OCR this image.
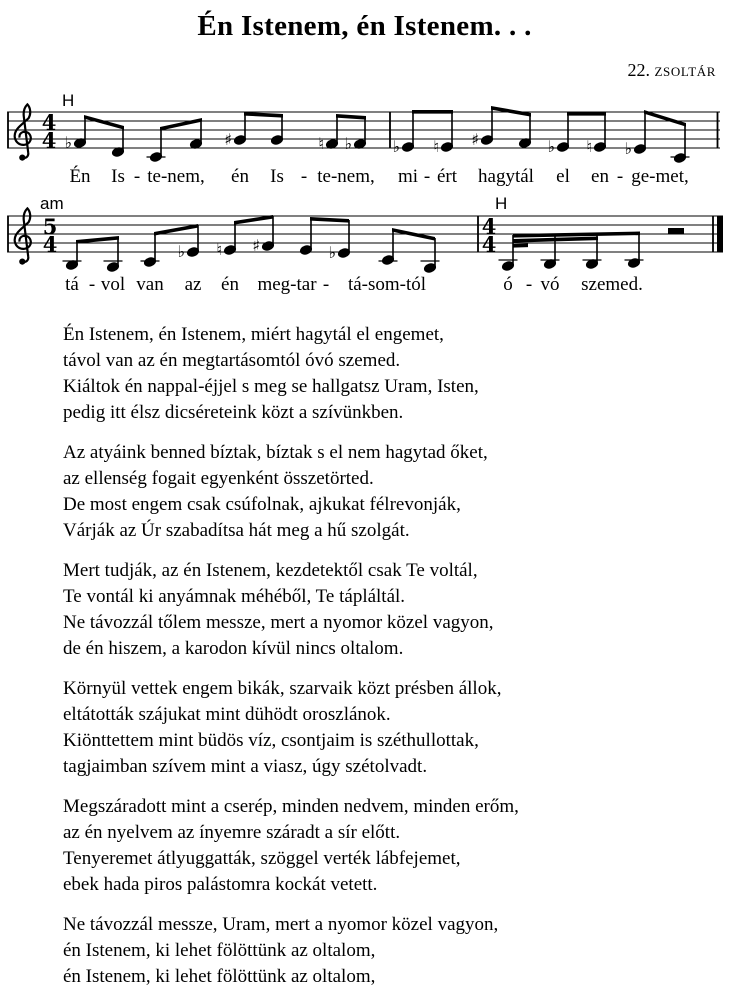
Én Istenem, én Istenem. . .
22. zsoltár
4
4
H
♭	♯	♮ ♭	♭ ♮ ♯	♭ ♮ ♭
Én Is - te-nem, én Is - te-nem, mi - ért hagytál el en - ge-met,
5
4
4
4
am	H
♭ ♮ ♯	♭
tá - vol van az én meg-tar - tá-som-tól	ó - vó szemed.

Én Istenem, én Istenem, miért hagytál el engemet,
távol van az én megtartásomtól óvó szemed.
Kiáltok én nappal-éjjel s meg se hallgatsz Uram, Isten,
pedig itt élsz dicséreteink közt a szívünkben.

Az atyáink benned bíztak, bíztak s el nem hagytad őket,
az ellenség fogait egyenként összetörted.
De most engem csak csúfolnak, ajkukat félrevonják,
Várják az Úr szabadítsa hát meg a hű szolgát.

Mert tudják, az én Istenem, kezdetektől csak Te voltál,
Te vontál ki anyámnak méhéből, Te tápláltál.
Ne távozzál tőlem messze, mert a nyomor közel vagyon,
de én hiszem, a karodon kívül nincs oltalom.

Környül vettek engem bikák, szarvaik közt présben állok,
eltátották szájukat mint dühödt oroszlánok.
Kiönttettem mint büdös víz, csontjaim is széthullottak,
tagjaimban szívem mint a viasz, úgy szétolvadt.

Megszáradott mint a cserép, minden nedvem, minden erőm,
az én nyelvem az ínyemre száradt a sír előtt.
Tenyeremet átlyuggatták, szöggel verték lábfejemet,
ebek hada piros palástomra kockát vetett.

Ne távozzál messze, Uram, mert a nyomor közel vagyon,
én Istenem, ki lehet fölöttünk az oltalom,
én Istenem, ki lehet fölöttünk az oltalom,
